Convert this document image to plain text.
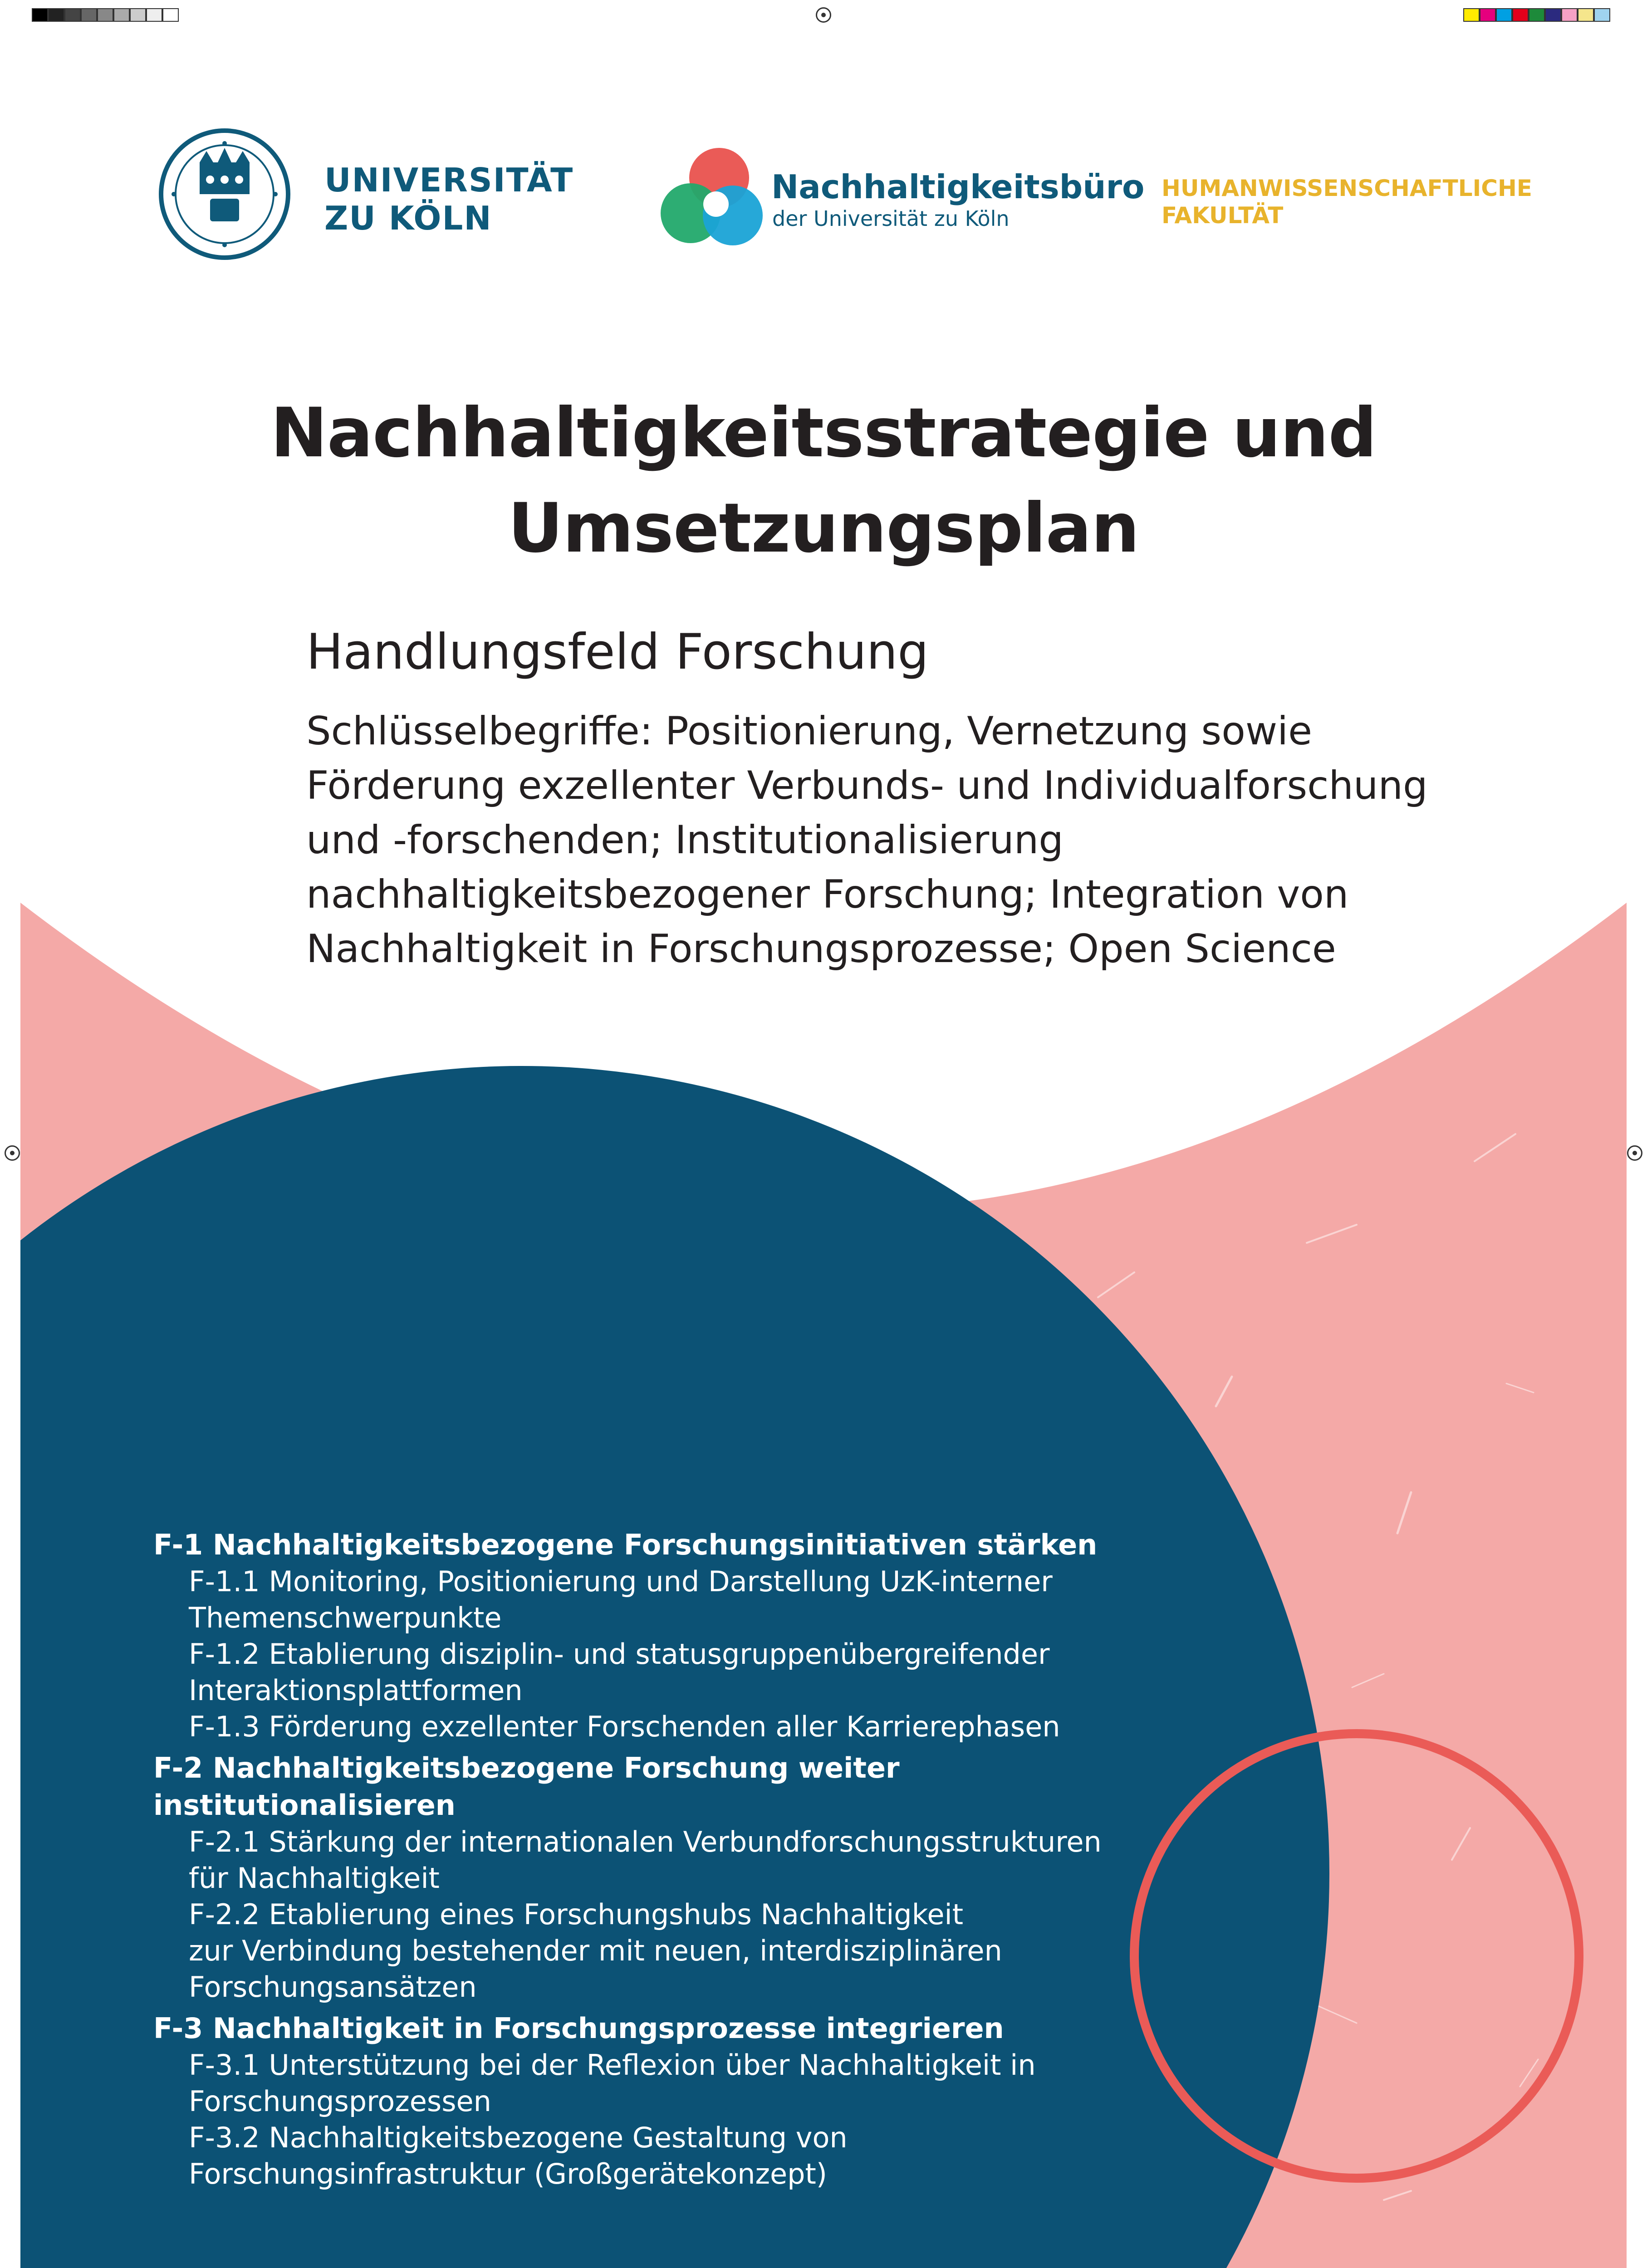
UNIVERSITÄT
ZU KÖLN
Nachhaltigkeitsbüro
der Universität zu Köln
HUMANWISSENSCHAFTLICHE
FAKULTÄT
Nachhaltigkeitsstrategie und
Umsetzungsplan
Handlungsfeld Forschung
Schlüsselbegriffe: Positionierung, Vernetzung sowie
Förderung exzellenter Verbunds- und Individualforschung
und -forschenden; Institutionalisierung
nachhaltigkeitsbezogener Forschung; Integration von
Nachhaltigkeit in Forschungsprozesse; Open Science
F-1 Nachhaltigkeitsbezogene Forschungsinitiativen stärken
F-1.1 Monitoring, Positionierung und Darstellung UzK-interner
Themenschwerpunkte
F-1.2 Etablierung disziplin- und statusgruppenübergreifender
Interaktionsplattformen
F-1.3 Förderung exzellenter Forschenden aller Karrierephasen
F-2 Nachhaltigkeitsbezogene Forschung weiter institutionalisieren
F-2.1 Stärkung der internationalen Verbundforschungsstrukturen
für Nachhaltigkeit
F-2.2 Etablierung eines Forschungshubs Nachhaltigkeit
zur Verbindung bestehender mit neuen, interdisziplinären
Forschungsansätzen
F-3 Nachhaltigkeit in Forschungsprozesse integrieren
F-3.1 Unterstützung bei der Reflexion über Nachhaltigkeit in
Forschungsprozessen
F-3.2 Nachhaltigkeitsbezogene Gestaltung von
Forschungsinfrastruktur (Großgerätekonzept)
